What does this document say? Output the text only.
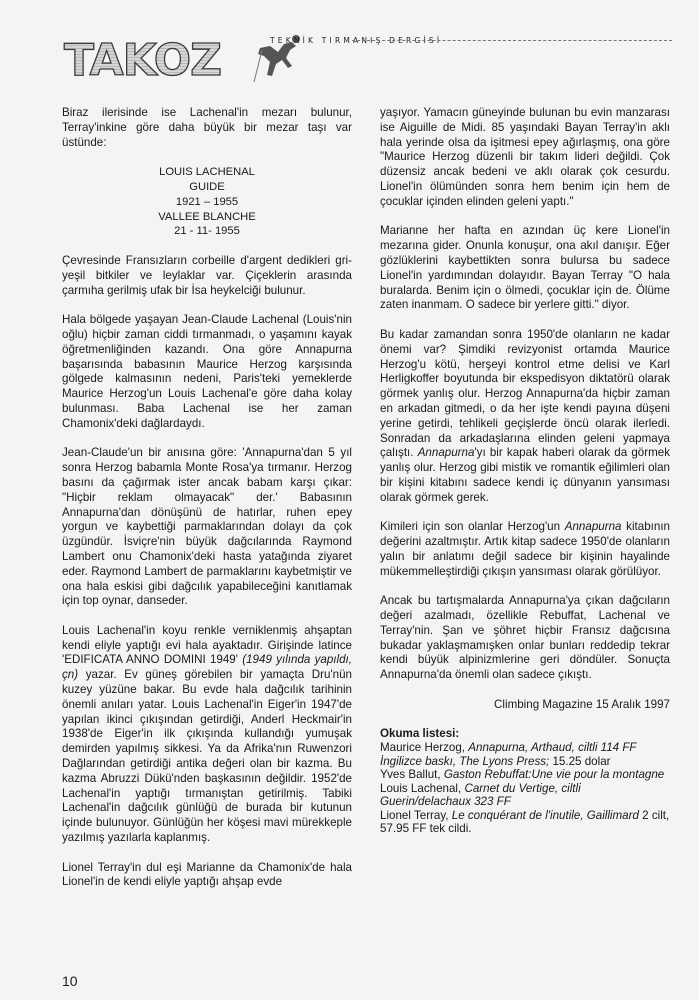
TAKOZ	TEKNİK TIRMANIŞ DERGİSİ

Biraz ilerisinde ise Lachenal'in mezarı bulunur, Terray'inkine göre daha büyük bir mezar taşı var üstünde:

LOUIS LACHENAL
GUIDE
1921 – 1955
VALLEE BLANCHE
21 - 11- 1955

Çevresinde Fransızların corbeille d'argent dedikleri gri-yeşil bitkiler ve leylaklar var. Çiçeklerin arasında çarmıha gerilmiş ufak bir İsa heykelciği bulunur.

Hala bölgede yaşayan Jean-Claude Lachenal (Louis'nin oğlu) hiçbir zaman ciddi tırmanmadı, o yaşamını kayak öğretmenliğinden kazandı. Ona göre Annapurna başarısında babasının Maurice Herzog karşısında gölgede kalmasının nedeni, Paris'teki yemeklerde Maurice Herzog'un Louis Lachenal'e göre daha kolay bulunması. Baba Lachenal ise her zaman Chamonix'deki dağlardaydı.

Jean-Claude'un bir anısına göre: 'Annapurna'dan 5 yıl sonra Herzog babamla Monte Rosa'ya tırmanır. Herzog basını da çağırmak ister ancak babam karşı çıkar: "Hiçbir reklam olmayacak" der.' Babasının Annapurna'dan dönüşünü de hatırlar, ruhen epey yorgun ve kaybettiği parmaklarından dolayı da çok üzgündür. İsviçre'nin büyük dağcılarında Raymond Lambert onu Chamonix'deki hasta yatağında ziyaret eder. Raymond Lambert de parmaklarını kaybetmiştir ve ona hala eskisi gibi dağcılık yapabileceğini kanıtlamak için top oynar, danseder.

Louis Lachenal'in koyu renkle verniklenmiş ahşaptan kendi eliyle yaptığı evi hala ayaktadır. Girişinde latince 'EDIFICATA ANNO DOMINI 1949' (1949 yılında yapıldı, çn) yazar. Ev güneş görebilen bir yamaçta Dru'nün kuzey yüzüne bakar. Bu evde hala dağcılık tarihinin önemli anıları yatar. Louis Lachenal'in Eiger'in 1947'de yapılan ikinci çıkışından getirdiği, Anderl Heckmair'in 1938'de Eiger'in ilk çıkışında kullandığı yumuşak demirden yapılmış sikkesi. Ya da Afrika'nın Ruwenzori Dağlarından getirdiği antika değeri olan bir kazma. Bu kazma Abruzzi Dükü'nden başkasının değildir. 1952'de Lachenal'in yaptığı tırmanıştan getirilmiş. Tabiki Lachenal'in dağcılık günlüğü de burada bir kutunun içinde bulunuyor. Günlüğün her köşesi mavi mürekkeple yazılmış yazılarla kaplanmış.

Lionel Terray'in dul eşi Marianne da Chamonix'de hala Lionel'in de kendi eliyle yaptığı ahşap evde

yaşıyor. Yamacın güneyinde bulunan bu evin manzarası ise Aiguille de Midi. 85 yaşındaki Bayan Terray'in aklı hala yerinde olsa da işitmesi epey ağırlaşmış, ona göre "Maurice Herzog düzenli bir takım lideri değildi. Çok düzensiz ancak bedeni ve aklı olarak çok cesurdu. Lionel'in ölümünden sonra hem benim için hem de çocuklar içinden elinden geleni yaptı."

Marianne her hafta en azından üç kere Lionel'in mezarına gider. Onunla konuşur, ona akıl danışır. Eğer gözlüklerini kaybettikten sonra bulursa bu sadece Lionel'in yardımından dolayıdır. Bayan Terray "O hala buralarda. Benim için o ölmedi, çocuklar için de. Ölüme zaten inanmam. O sadece bir yerlere gitti." diyor.

Bu kadar zamandan sonra 1950'de olanların ne kadar önemi var? Şimdiki revizyonist ortamda Maurice Herzog'u kötü, herşeyi kontrol etme delisi ve Karl Herligkoffer boyutunda bir ekspedisyon diktatörü olarak görmek yanlış olur. Herzog Annapurna'da hiçbir zaman en arkadan gitmedi, o da her işte kendi payına düşeni yerine getirdi, tehlikeli geçişlerde öncü olarak ilerledi. Sonradan da arkadaşlarına elinden geleni yapmaya çalıştı. Annapurna'yı bir kapak haberi olarak da görmek yanlış olur. Herzog gibi mistik ve romantik eğilimleri olan bir kişini kitabını sadece kendi iç dünyanın yansıması olarak görmek gerek.

Kimileri için son olanlar Herzog'un Annapurna kitabının değerini azaltmıştır. Artık kitap sadece 1950'de olanların yalın bir anlatımı değil sadece bir kişinin hayalinde mükemmelleştirdiği çıkışın yansıması olarak görülüyor.

Ancak bu tartışmalarda Annapurna'ya çıkan dağcıların değeri azalmadı, özellikle Rebuffat, Lachenal ve Terray'nin. Şan ve şöhret hiçbir Fransız dağcısına bukadar yaklaşmamışken onlar bunları reddedip tekrar kendi büyük alpinizmlerine geri döndüler. Sonuçta Annapurna'da önemli olan sadece çıkıştı.

Climbing Magazine 15 Aralık 1997
Okuma listesi:
Maurice Herzog, Annapurna, Arthaud, ciltli 114 FF İngilizce baskı, The Lyons Press; 15.25 dolar
Yves Ballut, Gaston Rebuffat:Une vie pour la montagne
Louis Lachenal, Carnet du Vertige, ciltli Guerin/delachaux 323 FF
Lionel Terray, Le conquérant de l'inutile, Gaillimard 2 cilt, 57.95 FF tek cildi.
10
